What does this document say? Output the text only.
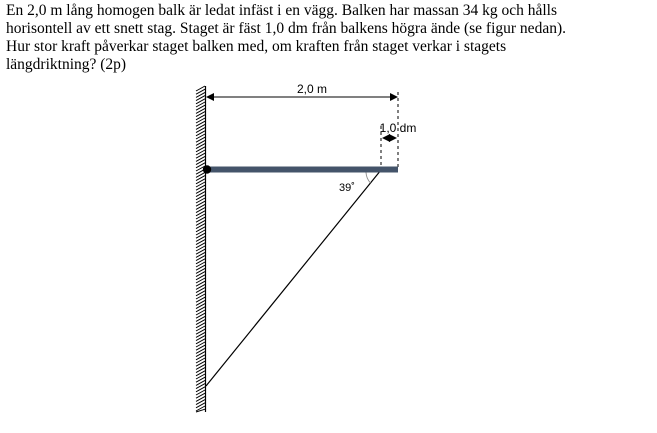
En 2,0 m lång homogen balk är ledat infäst i en vägg. Balken har massan 34 kg och hålls

horisontell av ett snett stag. Staget är fäst 1,0 dm från balkens högra ände (se figur nedan).

Hur stor kraft påverkar staget balken med, om kraften från staget verkar i stagets

längdriktning? (2p)

2,0 m
1,0 dm
39˚
